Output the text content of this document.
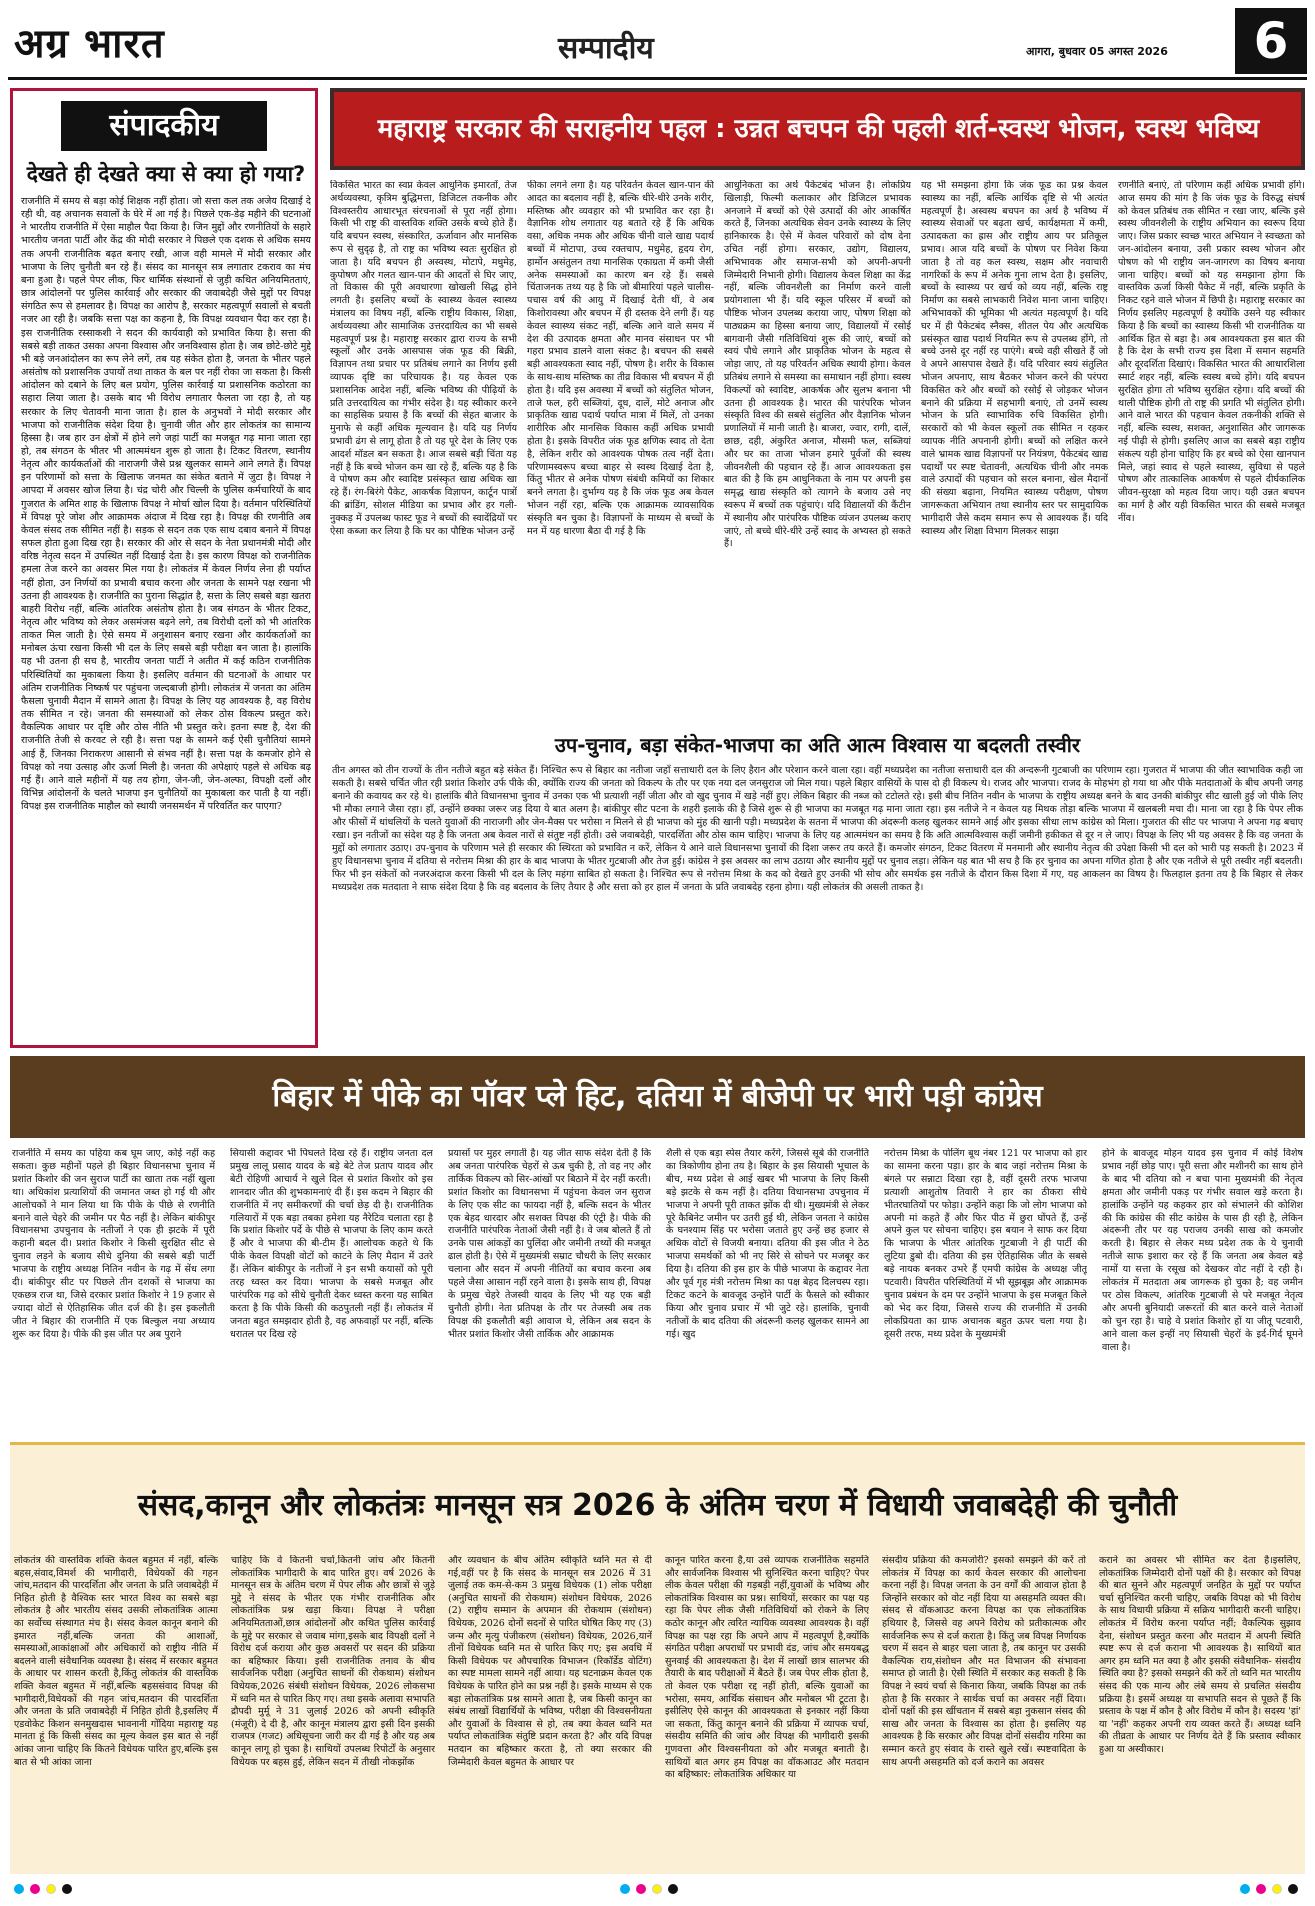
अग्र भारत	सम्पादीय	आगरा, बुधवार 05 अगस्त 2026	6
संपादकीय
देखते ही देखते क्या से क्या हो गया?
राजनीति में समय से बड़ा कोई शिक्षक नहीं होता। जो सत्ता कल तक अजेय दिखाई दे रही थी, वह अचानक सवालों के घेरे में आ गई है। पिछले एक-डेढ़ महीने की घटनाओं ने भारतीय राजनीति में ऐसा माहौल पैदा किया है। जिन मुद्दों और रणनीतियों के सहारे भारतीय जनता पार्टी और केंद्र की मोदी सरकार ने पिछले एक दशक से अधिक समय तक अपनी राजनीतिक बढ़त बनाए रखी, आज वही मामले में मोदी सरकार और भाजपा के लिए चुनौती बन रहे हैं। संसद का मानसून सत्र लगातार टकराव का मंच बना हुआ है। पहले पेपर लीक, फिर धार्मिक संस्थानों से जुड़ी कथित अनियमितताएं, छात्र आंदोलनों पर पुलिस कार्रवाई और सरकार की जवाबदेही जैसे मुद्दों पर विपक्ष संगठित रूप से हमलावर है। विपक्ष का आरोप है, सरकार महत्वपूर्ण सवालों से बचती नजर आ रही है। जबकि सत्ता पक्ष का कहना है, कि विपक्ष व्यवधान पैदा कर रहा है। इस राजनीतिक रस्साकशी ने सदन की कार्यवाही को प्रभावित किया है। सत्ता की सबसे बड़ी ताकत उसका अपना विश्वास और जनविश्वास होता है। जब छोटे-छोटे मुद्दे भी बड़े जनआंदोलन का रूप लेने लगें, तब यह संकेत होता है, जनता के भीतर पहले असंतोष को प्रशासनिक उपायों तथा ताकत के बल पर नहीं रोका जा सकता है। किसी आंदोलन को दबाने के लिए बल प्रयोग, पुलिस कार्रवाई या प्रशासनिक कठोरता का सहारा लिया जाता है। उसके बाद भी विरोध लगातार फैलता जा रहा है, तो यह सरकार के लिए चेतावनी माना जाता है। हाल के अनुभवों ने मोदी सरकार और भाजपा को राजनीतिक संदेश दिया है। चुनावी जीत और हार लोकतंत्र का सामान्य हिस्सा है। जब हार उन क्षेत्रों में होने लगे जहां पार्टी का मजबूत गढ़ माना जाता रहा हो, तब संगठन के भीतर भी आत्ममंथन शुरू हो जाता है। टिकट वितरण, स्थानीय नेतृत्व और कार्यकर्ताओं की नाराजगी जैसे प्रश्न खुलकर सामने आने लगते हैं। विपक्ष इन परिणामों को सत्ता के खिलाफ जनमत का संकेत बताने में जुटा है। विपक्ष ने आपदा में अवसर खोज लिया है। चंद्र चोरी और चिल्ली के पुलिस कर्मचारियों के बाद गुजरात के अमित शाह के खिलाफ विपक्ष ने मोर्चा खोल दिया है। वर्तमान परिस्थितियों में विपक्ष पूरे जोश और आक्रामक अंदाज में दिख रहा है। विपक्ष की रणनीति अब केवल संसद तक सीमित नहीं है। सड़क से सदन तक एक साथ दबाव बनाने में विपक्ष सफल होता हुआ दिख रहा है। सरकार की ओर से सदन के नेता प्रधानमंत्री मोदी और वरिष्ठ नेतृत्व सदन में उपस्थित नहीं दिखाई देता है। इस कारण विपक्ष को राजनीतिक हमला तेज करने का अवसर मिल गया है। लोकतंत्र में केवल निर्णय लेना ही पर्याप्त नहीं होता, उन निर्णयों का प्रभावी बचाव करना और जनता के सामने पक्ष रखना भी उतना ही आवश्यक है। राजनीति का पुराना सिद्धांत है, सत्ता के लिए सबसे बड़ा खतरा बाहरी विरोध नहीं, बल्कि आंतरिक असंतोष होता है। जब संगठन के भीतर टिकट, नेतृत्व और भविष्य को लेकर असमंजस बढ़ने लगे, तब विरोधी दलों को भी आंतरिक ताकत मिल जाती है। ऐसे समय में अनुशासन बनाए रखना और कार्यकर्ताओं का मनोबल ऊंचा रखना किसी भी दल के लिए सबसे बड़ी परीक्षा बन जाता है। हालांकि यह भी उतना ही सच है, भारतीय जनता पार्टी ने अतीत में कई कठिन राजनीतिक परिस्थितियों का मुकाबला किया है। इसलिए वर्तमान की घटनाओं के आधार पर अंतिम राजनीतिक निष्कर्ष पर पहुंचना जल्दबाजी होगी। लोकतंत्र में जनता का अंतिम फैसला चुनावी मैदान में सामने आता है। विपक्ष के लिए यह आवश्यक है, वह विरोध तक सीमित न रहे। जनता की समस्याओं को लेकर ठोस विकल्प प्रस्तुत करे। वैकल्पिक आधार पर दृष्टि और ठोस नीति भी प्रस्तुत करे। इतना स्पष्ट है, देश की राजनीति तेजी से करवट ले रही है। सत्ता पक्ष के सामने कई ऐसी चुनौतियां सामने आई हैं, जिनका निराकरण आसानी से संभव नहीं है। सत्ता पक्ष के कमजोर होने से विपक्ष को नया उत्साह और ऊर्जा मिली है। जनता की अपेक्षाएं पहले से अधिक बढ़ गई हैं। आने वाले महीनों में यह तय होगा, जेन-जी, जेन-अल्फा, विपक्षी दलों और विभिन्न आंदोलनों के चलते भाजपा इन चुनौतियों का मुकाबला कर पाती है या नहीं। विपक्ष इस राजनीतिक माहौल को स्थायी जनसमर्थन में परिवर्तित कर पाएगा?
महाराष्ट्र सरकार की सराहनीय पहल : उन्नत बचपन की पहली शर्त-स्वस्थ भोजन, स्वस्थ भविष्य
विकसित भारत का स्वप्न केवल आधुनिक इमारतों, तेज अर्थव्यवस्था, कृत्रिम बुद्धिमत्ता, डिजिटल तकनीक और विश्वस्तरीय आधारभूत संरचनाओं से पूरा नहीं होगा। किसी भी राष्ट्र की वास्तविक शक्ति उसके बच्चे होते हैं। यदि बचपन स्वस्थ, संस्कारित, ऊर्जावान और मानसिक रूप से सुदृढ़ है, तो राष्ट्र का भविष्य स्वतः सुरक्षित हो जाता है। यदि बचपन ही अस्वस्थ, मोटापे, मधुमेह, कुपोषण और गलत खान-पान की आदतों से घिर जाए, तो विकास की पूरी अवधारणा खोखली सिद्ध होने लगती है। इसलिए बच्चों के स्वास्थ्य केवल स्वास्थ्य मंत्रालय का विषय नहीं, बल्कि राष्ट्रीय विकास, शिक्षा, अर्थव्यवस्था और सामाजिक उत्तरदायित्व का भी सबसे महत्वपूर्ण प्रश्न है। महाराष्ट्र सरकार द्वारा राज्य के सभी स्कूलों और उनके आसपास जंक फूड की बिक्री, विज्ञापन तथा प्रचार पर प्रतिबंध लगाने का निर्णय इसी व्यापक दृष्टि का परिचायक है। यह केवल एक प्रशासनिक आदेश नहीं, बल्कि भविष्य की पीढ़ियों के प्रति उत्तरदायित्व का गंभीर संदेश है। यह स्वीकार करने का साहसिक प्रयास है कि बच्चों की सेहत बाजार के मुनाफे से कहीं अधिक मूल्यवान है। यदि यह निर्णय प्रभावी ढंग से लागू होता है तो यह पूरे देश के लिए एक आदर्श मॉडल बन सकता है। आज सबसे बड़ी चिंता यह नहीं है कि बच्चे भोजन कम खा रहे हैं, बल्कि यह है कि वे पोषण कम और स्वादिष्ट प्रसंस्कृत खाद्य अधिक खा रहे हैं। रंग-बिरंगे पैकेट, आकर्षक विज्ञापन, कार्टून पात्रों की ब्रांडिंग, सोशल मीडिया का प्रभाव और हर गली-नुक्कड़ में उपलब्ध फास्ट फूड ने बच्चों की स्वादेंद्रियों पर ऐसा कब्जा कर लिया है कि घर का पौष्टिक भोजन उन्हें
फीका लगने लगा है। यह परिवर्तन केवल खान-पान की आदत का बदलाव नहीं है, बल्कि धीरे-धीरे उनके शरीर, मस्तिष्क और व्यवहार को भी प्रभावित कर रहा है। वैज्ञानिक शोध लगातार यह बताते रहे हैं कि अधिक वसा, अधिक नमक और अधिक चीनी वाले खाद्य पदार्थ बच्चों में मोटापा, उच्च रक्तचाप, मधुमेह, हृदय रोग, हार्मोन असंतुलन तथा मानसिक एकाग्रता में कमी जैसी अनेक समस्याओं का कारण बन रहे हैं। सबसे चिंताजनक तथ्य यह है कि जो बीमारियां पहले चालीस-पचास वर्ष की आयु में दिखाई देती थीं, वे अब किशोरावस्था और बचपन में ही दस्तक देने लगी हैं। यह केवल स्वास्थ्य संकट नहीं, बल्कि आने वाले समय में देश की उत्पादक क्षमता और मानव संसाधन पर भी गहरा प्रभाव डालने वाला संकट है। बचपन की सबसे बड़ी आवश्यकता स्वाद नहीं, पोषण है। शरीर के विकास के साथ-साथ मस्तिष्क का तीव्र विकास भी बचपन में ही होता है। यदि इस अवस्था में बच्चों को संतुलित भोजन, ताजे फल, हरी सब्जियां, दूध, दालें, मोटे अनाज और प्राकृतिक खाद्य पदार्थ पर्याप्त मात्रा में मिलें, तो उनका शारीरिक और मानसिक विकास कहीं अधिक प्रभावी होता है। इसके विपरीत जंक फूड क्षणिक स्वाद तो देता है, लेकिन शरीर को आवश्यक पोषक तत्व नहीं देता। परिणामस्वरूप बच्चा बाहर से स्वस्थ दिखाई देता है, किंतु भीतर से अनेक पोषण संबंधी कमियों का शिकार बनने लगता है। दुर्भाग्य यह है कि जंक फूड अब केवल भोजन नहीं रहा, बल्कि एक आक्रामक व्यावसायिक संस्कृति बन चुका है। विज्ञापनों के माध्यम से बच्चों के मन में यह धारणा बैठा दी गई है कि
आधुनिकता का अर्थ पैकेटबंद भोजन है। लोकप्रिय खिलाड़ी, फिल्मी कलाकार और डिजिटल प्रभावक अनजाने में बच्चों को ऐसे उत्पादों की ओर आकर्षित करते हैं, जिनका अत्यधिक सेवन उनके स्वास्थ्य के लिए हानिकारक है। ऐसे में केवल परिवारों को दोष देना उचित नहीं होगा। सरकार, उद्योग, विद्यालय, अभिभावक और समाज-सभी को अपनी-अपनी जिम्मेदारी निभानी होगी। विद्यालय केवल शिक्षा का केंद्र नहीं, बल्कि जीवनशैली का निर्माण करने वाली प्रयोगशाला भी हैं। यदि स्कूल परिसर में बच्चों को पौष्टिक भोजन उपलब्ध कराया जाए, पोषण शिक्षा को पाठ्यक्रम का हिस्सा बनाया जाए, विद्यालयों में रसोई बागवानी जैसी गतिविधियां शुरू की जाएं, बच्चों को स्वयं पौधे लगाने और प्राकृतिक भोजन के महत्व से जोड़ा जाए, तो यह परिवर्तन अधिक स्थायी होगा। केवल प्रतिबंध लगाने से समस्या का समाधान नहीं होगा। स्वस्थ विकल्पों को स्वादिष्ट, आकर्षक और सुलभ बनाना भी उतना ही आवश्यक है। भारत की पारंपरिक भोजन संस्कृति विश्व की सबसे संतुलित और वैज्ञानिक भोजन प्रणालियों में मानी जाती है। बाजरा, ज्वार, रागी, दालें, छाछ, दही, अंकुरित अनाज, मौसमी फल, सब्जियां और घर का ताजा भोजन हमारे पूर्वजों की स्वस्थ जीवनशैली की पहचान रहे हैं। आज आवश्यकता इस बात की है कि हम आधुनिकता के नाम पर अपनी इस समृद्ध खाद्य संस्कृति को त्यागने के बजाय उसे नए स्वरूप में बच्चों तक पहुंचाएं। यदि विद्यालयों की कैंटीन में स्थानीय और पारंपरिक पौष्टिक व्यंजन उपलब्ध कराए जाएं, तो बच्चे धीरे-धीरे उन्हें स्वाद के अभ्यस्त हो सकते हैं।
यह भी समझना होगा कि जंक फूड का प्रश्न केवल स्वास्थ्य का नहीं, बल्कि आर्थिक दृष्टि से भी अत्यंत महत्वपूर्ण है। अस्वस्थ बचपन का अर्थ है भविष्य में स्वास्थ्य सेवाओं पर बढ़ता खर्च, कार्यक्षमता में कमी, उत्पादकता का ह्रास और राष्ट्रीय आय पर प्रतिकूल प्रभाव। आज यदि बच्चों के पोषण पर निवेश किया जाता है तो वह कल स्वस्थ, सक्षम और नवाचारी नागरिकों के रूप में अनेक गुना लाभ देता है। इसलिए, बच्चों के स्वास्थ्य पर खर्च को व्यय नहीं, बल्कि राष्ट्र निर्माण का सबसे लाभकारी निवेश माना जाना चाहिए। अभिभावकों की भूमिका भी अत्यंत महत्वपूर्ण है। यदि घर में ही पैकेटबंद स्नैक्स, शीतल पेय और अत्यधिक प्रसंस्कृत खाद्य पदार्थ नियमित रूप से उपलब्ध होंगे, तो बच्चे उनसे दूर नहीं रह पाएंगे। बच्चे वही सीखते हैं जो वे अपने आसपास देखते हैं। यदि परिवार स्वयं संतुलित भोजन अपनाए, साथ बैठकर भोजन करने की परंपरा विकसित करे और बच्चों को रसोई से जोड़कर भोजन बनाने की प्रक्रिया में सहभागी बनाएं, तो उनमें स्वस्थ भोजन के प्रति स्वाभाविक रुचि विकसित होगी। सरकारों को भी केवल स्कूलों तक सीमित न रहकर व्यापक नीति अपनानी होगी। बच्चों को लक्षित करने वाले भ्रामक खाद्य विज्ञापनों पर नियंत्रण, पैकेटबंद खाद्य पदार्थों पर स्पष्ट चेतावनी, अत्यधिक चीनी और नमक वाले उत्पादों की पहचान को सरल बनाना, खेल मैदानों की संख्या बढ़ाना, नियमित स्वास्थ्य परीक्षण, पोषण जागरूकता अभियान तथा स्थानीय स्तर पर सामुदायिक भागीदारी जैसे कदम समान रूप से आवश्यक हैं। यदि स्वास्थ्य और शिक्षा विभाग मिलकर साझा
रणनीति बनाएं, तो परिणाम कहीं अधिक प्रभावी होंगे। आज समय की मांग है कि जंक फूड के विरुद्ध संघर्ष को केवल प्रतिबंध तक सीमित न रखा जाए, बल्कि इसे स्वस्थ जीवनशैली के राष्ट्रीय अभियान का स्वरूप दिया जाए। जिस प्रकार स्वच्छ भारत अभियान ने स्वच्छता को जन-आंदोलन बनाया, उसी प्रकार स्वस्थ भोजन और पोषण को भी राष्ट्रीय जन-जागरण का विषय बनाया जाना चाहिए। बच्चों को यह समझाना होगा कि वास्तविक ऊर्जा किसी पैकेट में नहीं, बल्कि प्रकृति के निकट रहने वाले भोजन में छिपी है। महाराष्ट्र सरकार का निर्णय इसलिए महत्वपूर्ण है क्योंकि उसने यह स्वीकार किया है कि बच्चों का स्वास्थ्य किसी भी राजनीतिक या आर्थिक हित से बड़ा है। अब आवश्यकता इस बात की है कि देश के सभी राज्य इस दिशा में समान सहमति और दूरदर्शिता दिखाएं। विकसित भारत की आधारशिला स्मार्ट शहर नहीं, बल्कि स्वस्थ बच्चे होंगे। यदि बचपन सुरक्षित होगा तो भविष्य सुरक्षित रहेगा। यदि बच्चों की थाली पौष्टिक होगी तो राष्ट्र की प्रगति भी संतुलित होगी। आने वाले भारत की पहचान केवल तकनीकी शक्ति से नहीं, बल्कि स्वस्थ, सशक्त, अनुशासित और जागरूक नई पीढ़ी से होगी। इसलिए आज का सबसे बड़ा राष्ट्रीय संकल्प यही होना चाहिए कि हर बच्चे को ऐसा खानपान मिले, जहां स्वाद से पहले स्वास्थ्य, सुविधा से पहले पोषण और तात्कालिक आकर्षण से पहले दीर्घकालिक जीवन-सुरक्षा को महत्व दिया जाए। यही उन्नत बचपन का मार्ग है और यही विकसित भारत की सबसे मजबूत नींव।
उप-चुनाव, बड़ा संकेत-भाजपा का अति आत्म विश्वास या बदलती तस्वीर
तीन अगस्त को तीन राज्यों के तीन नतीजे बहुत बड़े संकेत हैं। निश्चित रूप से बिहार का नतीजा जहाँ सत्ताधारी दल के लिए हैरान और परेशान करने वाला रहा। वहीं मध्यप्रदेश का नतीजा सत्ताधारी दल की अन्दरूनी गुटबाजी का परिणाम रहा। गुजरात में भाजपा की जीत स्वाभाविक कही जा सकती है। सबसे चर्चित जीत रही प्रशांत किशोर उर्फ पीके की, क्योंकि राज्य की जनता को विकल्प के तौर पर एक नया दल जनसुराज जो मिल गया। पहले बिहार वासियों के पास दो ही विकल्प थे। राजद और भाजपा। राजद के मोहभंग हो गया था और पीके मतदाताओं के बीच अपनी जगह बनाने की कवायद कर रहे थे। हालांकि बीते विधानसभा चुनाव में उनका एक भी प्रत्याशी नहीं जीता और वो खुद चुनाव में खड़े नहीं हुए। लेकिन बिहार की नब्ज को टटोलते रहे। इसी बीच नितिन नवीन के भाजपा के राष्ट्रीय अध्यक्ष बनने के बाद उनकी बांकीपुर सीट खाली हुई जो पीके लिए भी मौका लगाने जैसा रहा। हाँ, उन्होंने छक्का जरूर जड़ दिया ये बात अलग है। बांकीपुर सीट पटना के शहरी इलाके की है जिसे शुरू से ही भाजपा का मजबूत गढ़ माना जाता रहा। इस नतीजे ने न केवल यह मिथक तोड़ा बल्कि भाजपा में खलबली मचा दी। माना जा रहा है कि पेपर लीक और फीसों में धांधलियों के चलते युवाओं की नाराजगी और जेन-मैक्स पर भरोसा न मिलने से ही भाजपा को मुंह की खानी पड़ी। मध्यप्रदेश के सतना में भाजपा की अंदरूनी कलह खुलकर सामने आई और इसका सीधा लाभ कांग्रेस को मिला। गुजरात की सीट पर भाजपा ने अपना गढ़ बचाए रखा। इन नतीजों का संदेश यह है कि जनता अब केवल नारों से संतुष्ट नहीं होती। उसे जवाबदेही, पारदर्शिता और ठोस काम चाहिए। भाजपा के लिए यह आत्ममंथन का समय है कि अति आत्मविश्वास कहीं जमीनी हकीकत से दूर न ले जाए। विपक्ष के लिए भी यह अवसर है कि वह जनता के मुद्दों को लगातार उठाए। उप-चुनाव के परिणाम भले ही सरकार की स्थिरता को प्रभावित न करें, लेकिन ये आने वाले विधानसभा चुनावों की दिशा जरूर तय करते हैं। कमजोर संगठन, टिकट वितरण में मनमानी और स्थानीय नेतृत्व की उपेक्षा किसी भी दल को भारी पड़ सकती है। 2023 में हुए विधानसभा चुनाव में दतिया से नरोत्तम मिश्रा की हार के बाद भाजपा के भीतर गुटबाजी और तेज हुई। कांग्रेस ने इस अवसर का लाभ उठाया और स्थानीय मुद्दों पर चुनाव लड़ा। लेकिन यह बात भी सच है कि हर चुनाव का अपना गणित होता है और एक नतीजे से पूरी तस्वीर नहीं बदलती। फिर भी इन संकेतों को नजरअंदाज करना किसी भी दल के लिए महंगा साबित हो सकता है। निश्चित रूप से नरोत्तम मिश्रा के कद को देखते हुए उनकी भी सोच और समर्थक इस नतीजे के दौरान किस दिशा में गए, यह आकलन का विषय है। फिलहाल इतना तय है कि बिहार से लेकर मध्यप्रदेश तक मतदाता ने साफ संदेश दिया है कि वह बदलाव के लिए तैयार है और सत्ता को हर हाल में जनता के प्रति जवाबदेह रहना होगा। यही लोकतंत्र की असली ताकत है।
बिहार में पीके का पॉवर प्ले हिट, दतिया में बीजेपी पर भारी पड़ी कांग्रेस
राजनीति में समय का पहिया कब घूम जाए, कोई नहीं कह सकता। कुछ महीनों पहले ही बिहार विधानसभा चुनाव में प्रशांत किशोर की जन सुराज पार्टी का खाता तक नहीं खुला था। अधिकांश प्रत्याशियों की जमानत जब्त हो गई थी और आलोचकों ने मान लिया था कि पीके के पीछे से रणनीति बनाने वाले चेहरे की जमीन पर पैठ नहीं है। लेकिन बांकीपुर विधानसभा उपचुनाव के नतीजों ने एक ही झटके में पूरी कहानी बदल दी। प्रशांत किशोर ने किसी सुरक्षित सीट से चुनाव लड़ने के बजाय सीधे दुनिया की सबसे बड़ी पार्टी भाजपा के राष्ट्रीय अध्यक्ष नितिन नवीन के गढ़ में सेंध लगा दी। बांकीपुर सीट पर पिछले तीन दशकों से भाजपा का एकछत्र राज था, जिसे दरकार प्रशांत किशोर ने 19 हजार से ज्यादा वोटों से ऐतिहासिक जीत दर्ज की है। इस इकलौती जीत ने बिहार की राजनीति में एक बिल्कुल नया अध्याय शुरू कर दिया है। पीके की इस जीत पर अब पुराने
सियासी कद्दावर भी पिघलते दिख रहे हैं। राष्ट्रीय जनता दल प्रमुख लालू प्रसाद यादव के बड़े बेटे तेज प्रताप यादव और बेटी रोहिणी आचार्य ने खुले दिल से प्रशांत किशोर को इस शानदार जीत की शुभकामनाएं दी हैं। इस कदम ने बिहार की राजनीति में नए समीकरणों की चर्चा छेड़ दी है। राजनीतिक गलियारों में एक बड़ा तबका हमेशा यह नैरेटिव चलाता रहा है कि प्रशांत किशोर पर्दे के पीछे से भाजपा के लिए काम करते हैं और वे भाजपा की बी-टीम हैं। आलोचक कहते थे कि पीके केवल विपक्षी वोटों को काटने के लिए मैदान में उतरे हैं। लेकिन बांकीपुर के नतीजों ने इन सभी कयासों को पूरी तरह ध्वस्त कर दिया। भाजपा के सबसे मजबूत और पारंपरिक गढ़ को सीधे चुनौती देकर ध्वस्त करना यह साबित करता है कि पीके किसी की कठपुतली नहीं हैं। लोकतंत्र में जनता बहुत समझदार होती है, वह अफवाहों पर नहीं, बल्कि धरातल पर दिख रहे
प्रयासों पर मुहर लगाती है। यह जीत साफ संदेश देती है कि अब जनता पारंपरिक चेहरों से ऊब चुकी है, तो वह नए और तार्किक विकल्प को सिर-आंखों पर बिठाने में देर नहीं करती। प्रशांत किशोर का विधानसभा में पहुंचना केवल जन सुराज के लिए एक सीट का फायदा नहीं है, बल्कि सदन के भीतर एक बेहद धारदार और सशक्त विपक्ष की एंट्री है। पीके की राजनीति पारंपरिक नेताओं जैसी नहीं है। वे जब बोलते हैं तो उनके पास आंकड़ों का पुलिंदा और जमीनी तथ्यों की मजबूत ढाल होती है। ऐसे में मुख्यमंत्री सम्राट चौधरी के लिए सरकार चलाना और सदन में अपनी नीतियों का बचाव करना अब पहले जैसा आसान नहीं रहने वाला है। इसके साथ ही, विपक्ष के प्रमुख चेहरे तेजस्वी यादव के लिए भी यह एक बड़ी चुनौती होगी। नेता प्रतिपक्ष के तौर पर तेजस्वी अब तक विपक्ष की इकलौती बड़ी आवाज थे, लेकिन अब सदन के भीतर प्रशांत किशोर जैसी तार्किक और आक्रामक
शैली से एक बड़ा स्पेस तैयार करेंगे, जिससे सूबे की राजनीति का त्रिकोणीय होना तय है। बिहार के इस सियासी भूचाल के बीच, मध्य प्रदेश से आई खबर भी भाजपा के लिए किसी बड़े झटके से कम नहीं है। दतिया विधानसभा उपचुनाव में भाजपा ने अपनी पूरी ताकत झोंक दी थी। मुख्यमंत्री से लेकर पूरे कैबिनेट जमीन पर उतरी हुई थी, लेकिन जनता ने कांग्रेस के घनश्याम सिंह पर भरोसा जताते हुए उन्हें छह हजार से अधिक वोटों से विजयी बनाया। दतिया की इस जीत ने ठेठ भाजपा समर्थकों को भी नए सिरे से सोचने पर मजबूर कर दिया है। दतिया की इस हार के पीछे भाजपा के कद्दावर नेता और पूर्व गृह मंत्री नरोत्तम मिश्रा का पक्ष बेहद दिलचस्प रहा। टिकट कटने के बावजूद उन्होंने पार्टी के फैसले को स्वीकार किया और चुनाव प्रचार में भी जुटे रहे। हालांकि, चुनावी नतीजों के बाद दतिया की अंदरूनी कलह खुलकर सामने आ गई। खुद
नरोत्तम मिश्रा के पोलिंग बूथ नंबर 121 पर भाजपा को हार का सामना करना पड़ा। हार के बाद जहां नरोत्तम मिश्रा के बंगले पर सन्नाटा दिखा रहा है, वहीं दूसरी तरफ भाजपा प्रत्याशी आशुतोष तिवारी ने हार का ठीकरा सीधे भीतरघातियों पर फोड़ा। उन्होंने कहा कि जो लोग भाजपा को अपनी मां कहते हैं और फिर पीठ में छुरा घोंपते हैं, उन्हें अपने कुल पर सोचना चाहिए। इस बयान ने साफ कर दिया कि भाजपा के भीतर आंतरिक गुटबाजी ने ही पार्टी की लुटिया डुबो दी। दतिया की इस ऐतिहासिक जीत के सबसे बड़े नायक बनकर उभरे हैं एमपी कांग्रेस के अध्यक्ष जीतू पटवारी। विपरीत परिस्थितियों में भी सूझबूझ और आक्रामक चुनाव प्रबंधन के दम पर उन्होंने भाजपा के इस मजबूत किले को भेद कर दिया, जिससे राज्य की राजनीति में उनकी लोकप्रियता का ग्राफ अचानक बहुत ऊपर चला गया है। दूसरी तरफ, मध्य प्रदेश के मुख्यमंत्री
होने के बावजूद मोहन यादव इस चुनाव में कोई विशेष प्रभाव नहीं छोड़ पाए। पूरी सत्ता और मशीनरी का साथ होने के बाद भी दतिया को न बचा पाना मुख्यमंत्री की नेतृत्व क्षमता और जमीनी पकड़ पर गंभीर सवाल खड़े करता है। हालांकि उन्होंने यह कहकर हार को संभालने की कोशिश की कि कांग्रेस की सीट कांग्रेस के पास ही रही है, लेकिन अंदरूनी तौर पर यह पराजय उनकी साख को कमजोर करती है। बिहार से लेकर मध्य प्रदेश तक के ये चुनावी नतीजे साफ इशारा कर रहे हैं कि जनता अब केवल बड़े नामों या सत्ता के रसूख को देखकर वोट नहीं दे रही है। लोकतंत्र में मतदाता अब जागरूक हो चुका है; वह जमीन पर ठोस विकल्प, आंतरिक गुटबाजी से परे मजबूत नेतृत्व और अपनी बुनियादी जरूरतों की बात करने वाले नेताओं को चुन रहा है। चाहे वे प्रशांत किशोर हों या जीतू पटवारी, आने वाला कल इन्हीं नए सियासी चेहरों के इर्द-गिर्द घूमने वाला है।
संसद,कानून और लोकतंत्रः मानसून सत्र 2026 के अंतिम चरण में विधायी जवाबदेही की चुनौती
लोकतंत्र की वास्तविक शक्ति केवल बहुमत में नहीं, बल्कि बहस,संवाद,विमर्श की भागीदारी, विधेयकों की गहन जांच,मतदान की पारदर्शिता और जनता के प्रति जवाबदेही में निहित होती है वैश्विक स्तर भारत विश्व का सबसे बड़ा लोकतंत्र है और भारतीय संसद उसकी लोकतांत्रिक आत्मा का सर्वोच्च संस्थागत मंच है। संसद केवल कानून बनाने की इमारत नहीं,बल्कि जनता की आशाओं, समस्याओं,आकांक्षाओं और अधिकारों को राष्ट्रीय नीति में बदलने वाली संवैधानिक व्यवस्था है। संसद में सरकार बहुमत के आधार पर शासन करती है,किंतु लोकतंत्र की वास्तविक शक्ति केवल बहुमत में नहीं,बल्कि बहससंवाद विपक्ष की भागीदारी,विधेयकों की गहन जांच,मतदान की पारदर्शिता और जनता के प्रति जवाबदेही में निहित होती है,इसलिए मैं एडवोकेट किशन सनमुखदास भावनानी गोंदिया महाराष्ट्र यह मानता हूं कि किसी संसद का मूल्य केवल इस बात से नहीं आंका जाना चाहिए कि कितने विधेयक पारित हुए,बल्कि इस बात से भी आंका जाना
चाहिए कि वे कितनी चर्चा,कितनी जांच और कितनी लोकतांत्रिक भागीदारी के बाद पारित हुए। वर्ष 2026 के मानसून सत्र के अंतिम चरण में पेपर लीक और छात्रों से जुड़े मुद्दे ने संसद के भीतर एक गंभीर राजनीतिक और लोकतांत्रिक प्रश्न खड़ा किया। विपक्ष ने परीक्षा अनियमितताओं,छात्र आंदोलनों और कथित पुलिस कार्रवाई के मुद्दे पर सरकार से जवाब मांगा,इसके बाद विपक्षी दलों ने विरोध दर्ज कराया और कुछ अवसरों पर सदन की प्रक्रिया का बहिष्कार किया। इसी राजनीतिक तनाव के बीच सार्वजनिक परीक्षा (अनुचित साधनों की रोकथाम) संशोधन विधेयक,2026 संबंधी संशोधन विधेयक, 2026 लोकसभा में ध्वनि मत से पारित किए गए। तथा इसके अलावा सभापति द्रौपदी मुर्मू ने 31 जुलाई 2026 को अपनी स्वीकृति (मंजूरी) दे दी है, और कानून मंत्रालय द्वारा इसी दिन इसकी राजपत्र (गजट) अधिसूचना जारी कर दी गई है और यह अब कानून लागू हो चुका है। साथियों उपलब्ध रिपोर्टों के अनुसार विधेयक पर बहस हुई, लेकिन सदन में तीखी नोकझोंक
और व्यवधान के बीच अंतिम स्वीकृति ध्वनि मत से दी गई,वहीं पर है कि संसद के मानसून सत्र 2026 में 31 जुलाई तक कम-से-कम 3 प्रमुख विधेयक (1) लोक परीक्षा (अनुचित साधनों की रोकथाम) संशोधन विधेयक, 2026 (2) राष्ट्रीय सम्मान के अपमान की रोकथाम (संशोधन) विधेयक, 2026 दोनों सदनों से पारित घोषित किए गए (3) जन्म और मृत्यु पंजीकरण (संशोधन) विधेयक, 2026,यानें तीनों विधेयक ध्वनि मत से पारित किए गए; इस अवधि में किसी विधेयक पर औपचारिक विभाजन (रिकॉर्डेड वोटिंग) का स्पष्ट मामला सामने नहीं आया। यह घटनाक्रम केवल एक विधेयक के पारित होने का प्रश्न नहीं है। इसके माध्यम से एक बड़ा लोकतांत्रिक प्रश्न सामने आता है, जब किसी कानून का संबंध लाखों विद्यार्थियों के भविष्य, परीक्षा की विश्वसनीयता और युवाओं के विश्वास से हो, तब क्या केवल ध्वनि मत पर्याप्त लोकतांत्रिक संतुष्टि प्रदान करता है? और यदि विपक्ष मतदान का बहिष्कार करता है, तो क्या सरकार की जिम्मेदारी केवल बहुमत के आधार पर
कानून पारित करना है,या उसे व्यापक राजनीतिक सहमति और सार्वजनिक विश्वास भी सुनिश्चित करना चाहिए? पेपर लीक केवल परीक्षा की गड़बड़ी नहीं,युवाओं के भविष्य और लोकतांत्रिक विश्वास का प्रश्न। साथियों, सरकार का पक्ष यह रहा कि पेपर लीक जैसी गतिविधियों को रोकने के लिए कठोर कानून और त्वरित न्यायिक व्यवस्था आवश्यक है। वहीं विपक्ष का पक्ष रहा कि अपने आप में महत्वपूर्ण है,क्योंकि संगठित परीक्षा अपराधों पर प्रभावी दंड, जांच और समयबद्ध सुनवाई की आवश्यकता है। देश में लाखों छात्र सालभर की तैयारी के बाद परीक्षाओं में बैठते हैं। जब पेपर लीक होता है, तो केवल एक परीक्षा रद्द नहीं होती, बल्कि युवाओं का भरोसा, समय, आर्थिक संसाधन और मनोबल भी टूटता है। इसीलिए ऐसे कानून की आवश्यकता से इनकार नहीं किया जा सकता, किंतु कानून बनाने की प्रक्रिया में व्यापक चर्चा, संसदीय समिति की जांच और विपक्ष की भागीदारी इसकी गुणवत्ता और विश्वसनीयता को और मजबूत बनाती है। साथियों बात अगर हम विपक्ष का वॉकआउट और मतदान का बहिष्कार: लोकतांत्रिक अधिकार या
संसदीय प्रक्रिया की कमजोरी? इसको समझने की करें तो लोकतंत्र में विपक्ष का कार्य केवल सरकार की आलोचना करना नहीं है। विपक्ष जनता के उन वर्गों की आवाज होता है जिन्होंने सरकार को वोट नहीं दिया या असहमति व्यक्त की। संसद से वॉकआउट करना विपक्ष का एक लोकतांत्रिक हथियार है, जिससे वह अपने विरोध को प्रतीकात्मक और सार्वजनिक रूप से दर्ज कराता है। किंतु जब विपक्ष निर्णायक चरण में सदन से बाहर चला जाता है, तब कानून पर उसकी वैकल्पिक राय,संशोधन और मत विभाजन की संभावना समाप्त हो जाती है। ऐसी स्थिति में सरकार कह सकती है कि विपक्ष ने स्वयं चर्चा से किनारा किया, जबकि विपक्ष का तर्क होता है कि सरकार ने सार्थक चर्चा का अवसर नहीं दिया। दोनों पक्षों की इस खींचतान में सबसे बड़ा नुकसान संसद की साख और जनता के विश्वास का होता है। इसलिए यह आवश्यक है कि सरकार और विपक्ष दोनों संसदीय गरिमा का सम्मान करते हुए संवाद के रास्ते खुले रखें। स्पष्टवादिता के साथ अपनी असहमति को दर्ज कराने का अवसर
कराने का अवसर भी सीमित कर देता है।इसलिए, लोकतांत्रिक जिम्मेदारी दोनों पक्षों की है। सरकार को विपक्ष की बात सुनने और महत्वपूर्ण जनहित के मुद्दों पर पर्याप्त चर्चा सुनिश्चित करनी चाहिए, जबकि विपक्ष को भी विरोध के साथ विधायी प्रक्रिया में सक्रिय भागीदारी करनी चाहिए। लोकतंत्र में विरोध करना पर्याप्त नहीं; वैकल्पिक सुझाव देना, संशोधन प्रस्तुत करना और मतदान में अपनी स्थिति स्पष्ट रूप से दर्ज कराना भी आवश्यक है। साथियों बात अगर हम ध्वनि मत क्या है और इसकी संवैधानिक- संसदीय स्थिति क्या है? इसको समझने की करें तो ध्वनि मत भारतीय संसद की एक मान्य और लंबे समय से प्रचलित संसदीय प्रक्रिया है। इसमें अध्यक्ष या सभापति सदन से पूछते हैं कि प्रस्ताव के पक्ष में कौन है और विरोध में कौन है। सदस्य 'हां' या 'नहीं' कहकर अपनी राय व्यक्त करते हैं। अध्यक्ष ध्वनि की तीव्रता के आधार पर निर्णय देते हैं कि प्रस्ताव स्वीकार हुआ या अस्वीकार।
